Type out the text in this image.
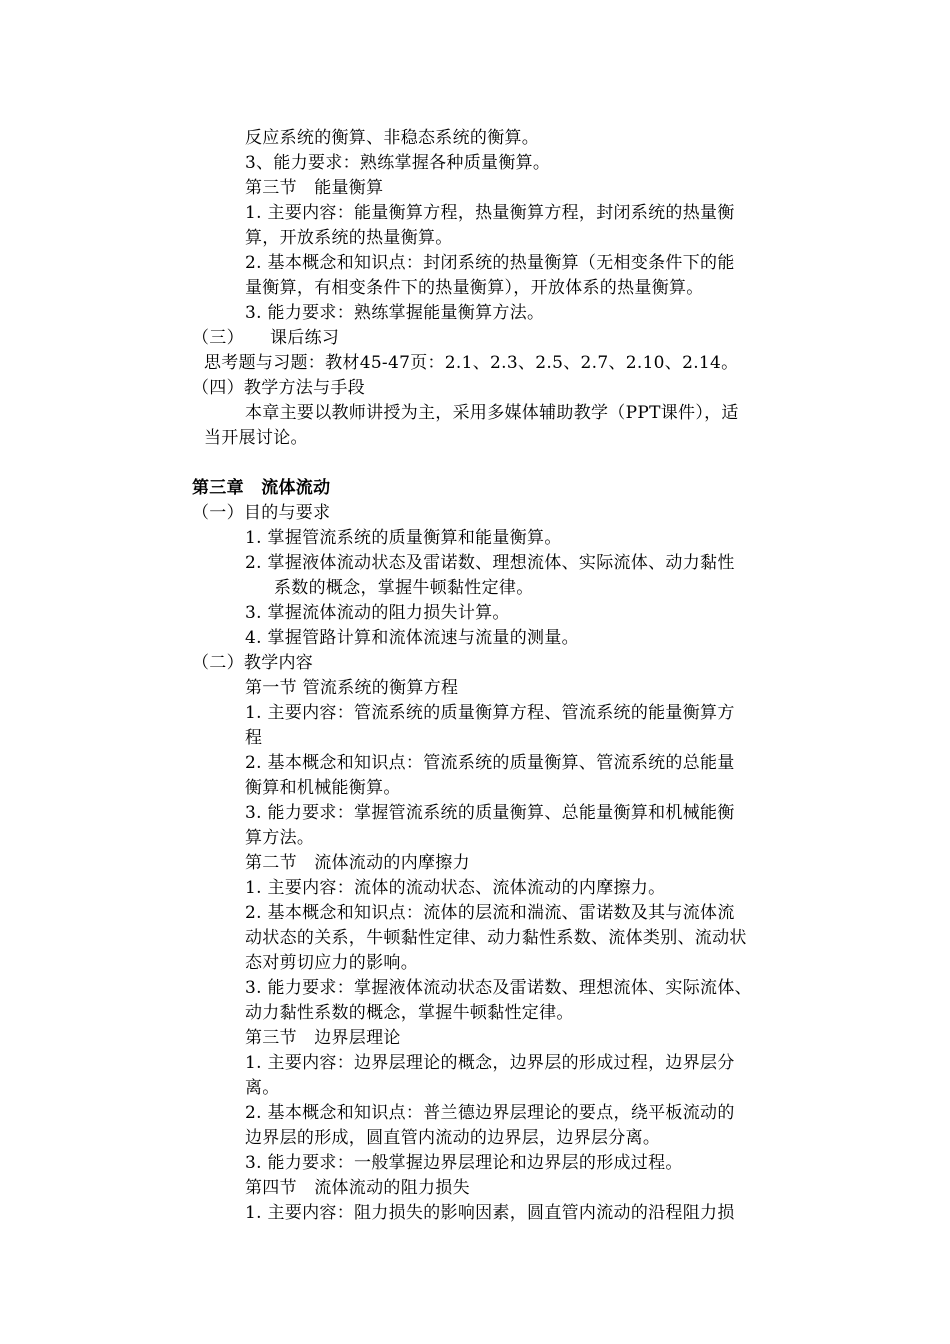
反应系统的衡算、非稳态系统的衡算。
3、能力要求：熟练掌握各种质量衡算。
第三节　能量衡算
1. 主要内容：能量衡算方程，热量衡算方程，封闭系统的热量衡
算，开放系统的热量衡算。
2. 基本概念和知识点：封闭系统的热量衡算（无相变条件下的能
量衡算，有相变条件下的热量衡算），开放体系的热量衡算。
3. 能力要求：熟练掌握能量衡算方法。
（三）　　课后练习
思考题与习题：教材45-47页：2.1、2.3、2.5、2.7、2.10、2.14。
（四）教学方法与手段
本章主要以教师讲授为主，采用多媒体辅助教学（PPT课件），适
当开展讨论。
第三章　流体流动
（一）目的与要求
1. 掌握管流系统的质量衡算和能量衡算。
2. 掌握液体流动状态及雷诺数、理想流体、实际流体、动力黏性
系数的概念，掌握牛顿黏性定律。
3. 掌握流体流动的阻力损失计算。
4. 掌握管路计算和流体流速与流量的测量。
（二）教学内容
第一节 管流系统的衡算方程
1. 主要内容：管流系统的质量衡算方程、管流系统的能量衡算方
程
2. 基本概念和知识点：管流系统的质量衡算、管流系统的总能量
衡算和机械能衡算。
3. 能力要求：掌握管流系统的质量衡算、总能量衡算和机械能衡
算方法。
第二节　流体流动的内摩擦力
1. 主要内容：流体的流动状态、流体流动的内摩擦力。
2. 基本概念和知识点：流体的层流和湍流、雷诺数及其与流体流
动状态的关系，牛顿黏性定律、动力黏性系数、流体类别、流动状
态对剪切应力的影响。
3. 能力要求：掌握液体流动状态及雷诺数、理想流体、实际流体、
动力黏性系数的概念，掌握牛顿黏性定律。
第三节　边界层理论
1. 主要内容：边界层理论的概念，边界层的形成过程，边界层分
离。
2. 基本概念和知识点：普兰德边界层理论的要点，绕平板流动的
边界层的形成，圆直管内流动的边界层，边界层分离。
3. 能力要求：一般掌握边界层理论和边界层的形成过程。
第四节　流体流动的阻力损失
1. 主要内容：阻力损失的影响因素，圆直管内流动的沿程阻力损
